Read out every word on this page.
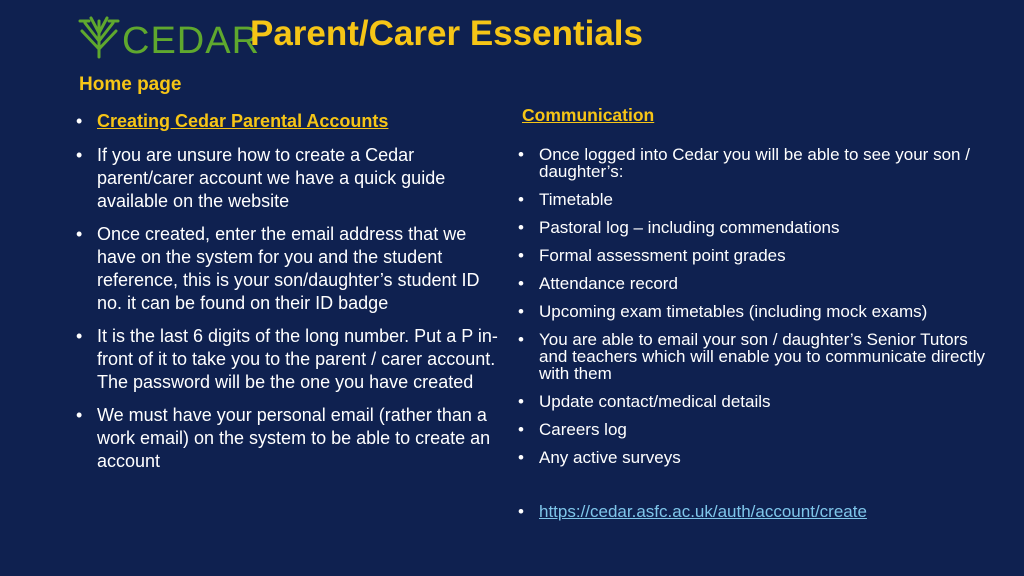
CEDAR
Parent/Carer Essentials
Home page
• Creating Cedar Parental Accounts
• If you are unsure how to create a Cedar parent/carer account we have a quick guide available on the website
• Once created, enter the email address that we have on the system for you and the student reference, this is your son/daughter’s student ID no. it can be found on their ID badge
• It is the last 6 digits of the long number. Put a P in-front of it to take you to the parent / carer account. The password will be the one you have created
• We must have your personal email (rather than a work email) on the system to be able to create an account
Communication
• Once logged into Cedar you will be able to see your son / daughter’s:
• Timetable
• Pastoral log – including commendations
• Formal assessment point grades
• Attendance record
• Upcoming exam timetables (including mock exams)
• You are able to email your son / daughter’s Senior Tutors and teachers which will enable you to communicate directly with them
• Update contact/medical details
• Careers log
• Any active surveys
• https://cedar.asfc.ac.uk/auth/account/create
